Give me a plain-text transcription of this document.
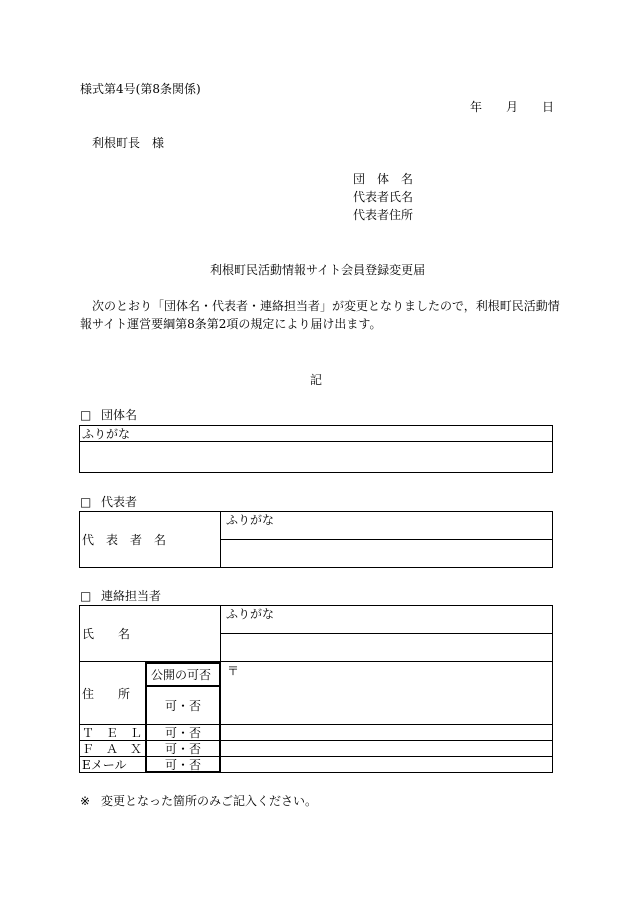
様式第4号(第8条関係)
年　　月　　日
利根町長　様
団　体　名
代表者氏名
代表者住所
利根町民活動情報サイト会員登録変更届
次のとおり「団体名・代表者・連絡担当者」が変更となりましたので，利根町民活動情
報サイト運営要綱第8条第2項の規定により届け出ます。
記
□ 団体名
ふりがな
□ 代表者
代　表　者　名
ふりがな
□ 連絡担当者
氏　　名
ふりがな
住　　所
公開の可否
可・否
〒
Ｔ　Ｅ　Ｌ 可・否
Ｆ　Ａ　Ｘ 可・否
Eメール	可・否
※ 変更となった箇所のみご記入ください。
